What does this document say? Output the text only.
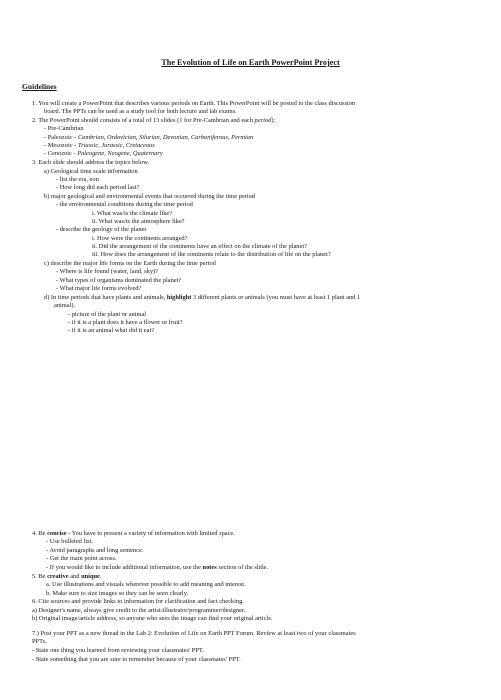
The Evolution of Life on Earth PowerPoint Project
Guidelines
1. You will create a PowerPoint that describes various periods on Earth. This PowerPoint will be posted to the class discussion
board. The PPTs can be used as a study tool for both lecture and lab exams.
2. The PowerPoint should consists of a total of 13 slides (1 for Pre-Cambrian and each period):
- Pre-Cambrian
- Paleozoic - Cambrian, Ordovician, Silurian, Devonian, Carboniferous, Permian
- Mesozoic - Triassic, Jurassic, Cretaceous
- Cenozoic - Paleogene, Neogene, Quaternary
3. Each slide should address the topics below.
a) Geological time scale information
- list the era, eon
- How long did each period last?
b) major geological and environmental events that occurred during the time period
- the environmental conditions during the time period
i. What was/is the climate like?
ii. What was/is the atmosphere like?
- describe the geology of the planet
i. How were the continents arranged?
ii. Did the arrangement of the continents have an effect on the climate of the planet?
iii. How does the arrangement of the continents relate to the distribution of life on the planet?
c) describe the major life forms on the Earth during the time period
- Where is life found (water, land, sky)?
- What types of organisms dominated the planet?
- What major life forms evolved?
d) In time periods that have plants and animals, highlight 3 different plants or animals (you must have at least 1 plant and 1
animal).
- picture of the plant or animal
- if it is a plant does it have a flower or fruit?
- if it is an animal what did it eat?
4. Be concise - You have to present a variety of information with limited space.
- Use bulleted list.
- Avoid paragraphs and long sentence.
- Get the main point across.
- If you would like to include additional information, use the notes section of the slide.
5. Be creative and unique.
a. Use illustrations and visuals wherever possible to add meaning and interest.
b. Make sure to size images so they can be seen clearly.
6. Cite sources and provide links to information for clarification and fact checking.
a) Designer's name, always give credit to the artist/illustrator/programmer/designer.
b) Original image/article address, so anyone who sees the image can find your original article.
7.) Post your PPT as a new thread in the Lab 2: Evolution of Life on Earth PPT Forum. Review at least two of your classmates
PPTs.
- State one thing you learned from reviewing your classmates' PPT.
- State something that you are sure to remember because of your classmates' PPT.
